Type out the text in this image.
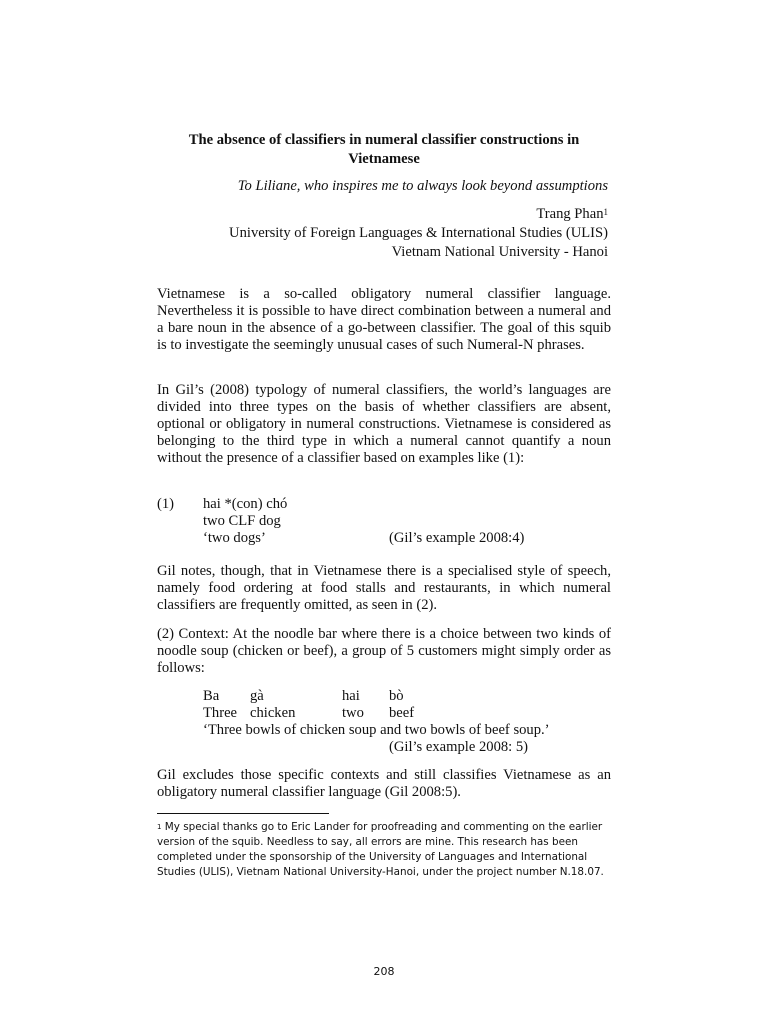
The absence of classifiers in numeral classifier constructions in Vietnamese
To Liliane, who inspires me to always look beyond assumptions
Trang Phan$^1$
University of Foreign Languages & International Studies (ULIS)
Vietnam National University - Hanoi
Vietnamese is a so-called obligatory numeral classifier language. Nevertheless it is possible to have direct combination between a numeral and a bare noun in the absence of a go-between classifier. The goal of this squib is to investigate the seemingly unusual cases of such Numeral-N phrases.
In Gil’s (2008) typology of numeral classifiers, the world’s languages are divided into three types on the basis of whether classifiers are absent, optional or obligatory in numeral constructions. Vietnamese is considered as belonging to the third type in which a numeral cannot quantify a noun without the presence of a classifier based on examples like (1):
(1) hai *(con) chó
two CLF dog
‘two dogs’	(Gil’s example 2008:4)
Gil notes, though, that in Vietnamese there is a specialised style of speech, namely food ordering at food stalls and restaurants, in which numeral classifiers are frequently omitted, as seen in (2).
(2) Context: At the noodle bar where there is a choice between two kinds of noodle soup (chicken or beef), a group of 5 customers might simply order as follows:
Ba gà	hai bò
Three chicken	two beef
‘Three bowls of chicken soup and two bowls of beef soup.’
(Gil’s example 2008: 5)
Gil excludes those specific contexts and still classifies Vietnamese as an obligatory numeral classifier language (Gil 2008:5).
$^1$ My special thanks go to Eric Lander for proofreading and commenting on the earlier version of the squib. Needless to say, all errors are mine. This research has been completed under the sponsorship of the University of Languages and International Studies (ULIS), Vietnam National University-Hanoi, under the project number N.18.07.
208
